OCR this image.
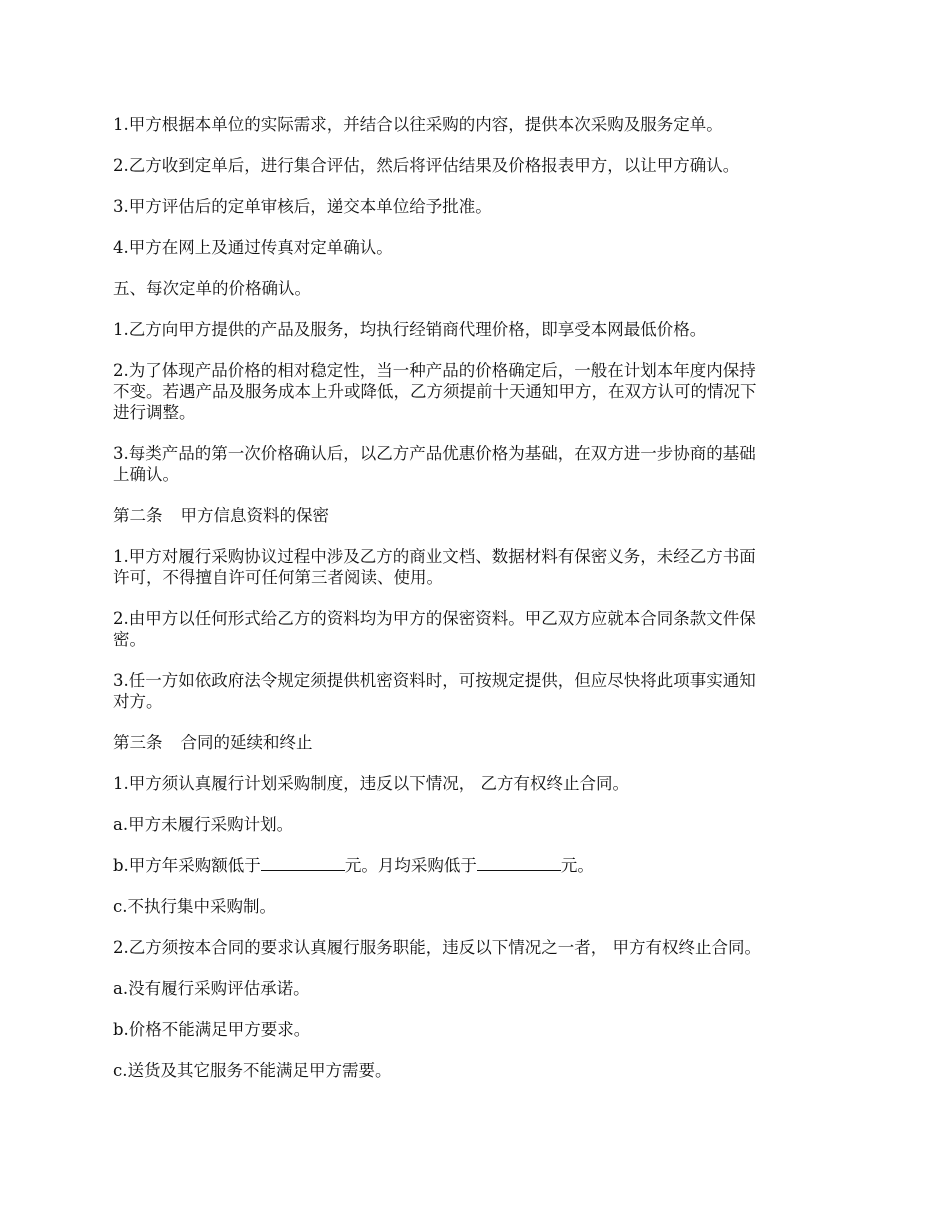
1.甲方根据本单位的实际需求，并结合以往采购的内容，提供本次采购及服务定单。

2.乙方收到定单后，进行集合评估，然后将评估结果及价格报表甲方，以让甲方确认。

3.甲方评估后的定单审核后，递交本单位给予批准。

4.甲方在网上及通过传真对定单确认。

五、每次定单的价格确认。

1.乙方向甲方提供的产品及服务，均执行经销商代理价格，即享受本网最低价格。

2.为了体现产品价格的相对稳定性，当一种产品的价格确定后，一般在计划本年度内保持
不变。若遇产品及服务成本上升或降低，乙方须提前十天通知甲方，在双方认可的情况下
进行调整。

3.每类产品的第一次价格确认后，以乙方产品优惠价格为基础，在双方进一步协商的基础
上确认。

第二条 甲方信息资料的保密

1.甲方对履行采购协议过程中涉及乙方的商业文档、数据材料有保密义务，未经乙方书面
许可，不得擅自许可任何第三者阅读、使用。

2.由甲方以任何形式给乙方的资料均为甲方的保密资料。甲乙双方应就本合同条款文件保
密。

3.任一方如依政府法令规定须提供机密资料时，可按规定提供，但应尽快将此项事实通知
对方。

第三条 合同的延续和终止

1.甲方须认真履行计划采购制度，违反以下情况， 乙方有权终止合同。

a.甲方未履行采购计划。

b.甲方年采购额低于	元。月均采购低于	元。

c.不执行集中采购制。

2.乙方须按本合同的要求认真履行服务职能，违反以下情况之一者， 甲方有权终止合同。

a.没有履行采购评估承诺。

b.价格不能满足甲方要求。

c.送货及其它服务不能满足甲方需要。
